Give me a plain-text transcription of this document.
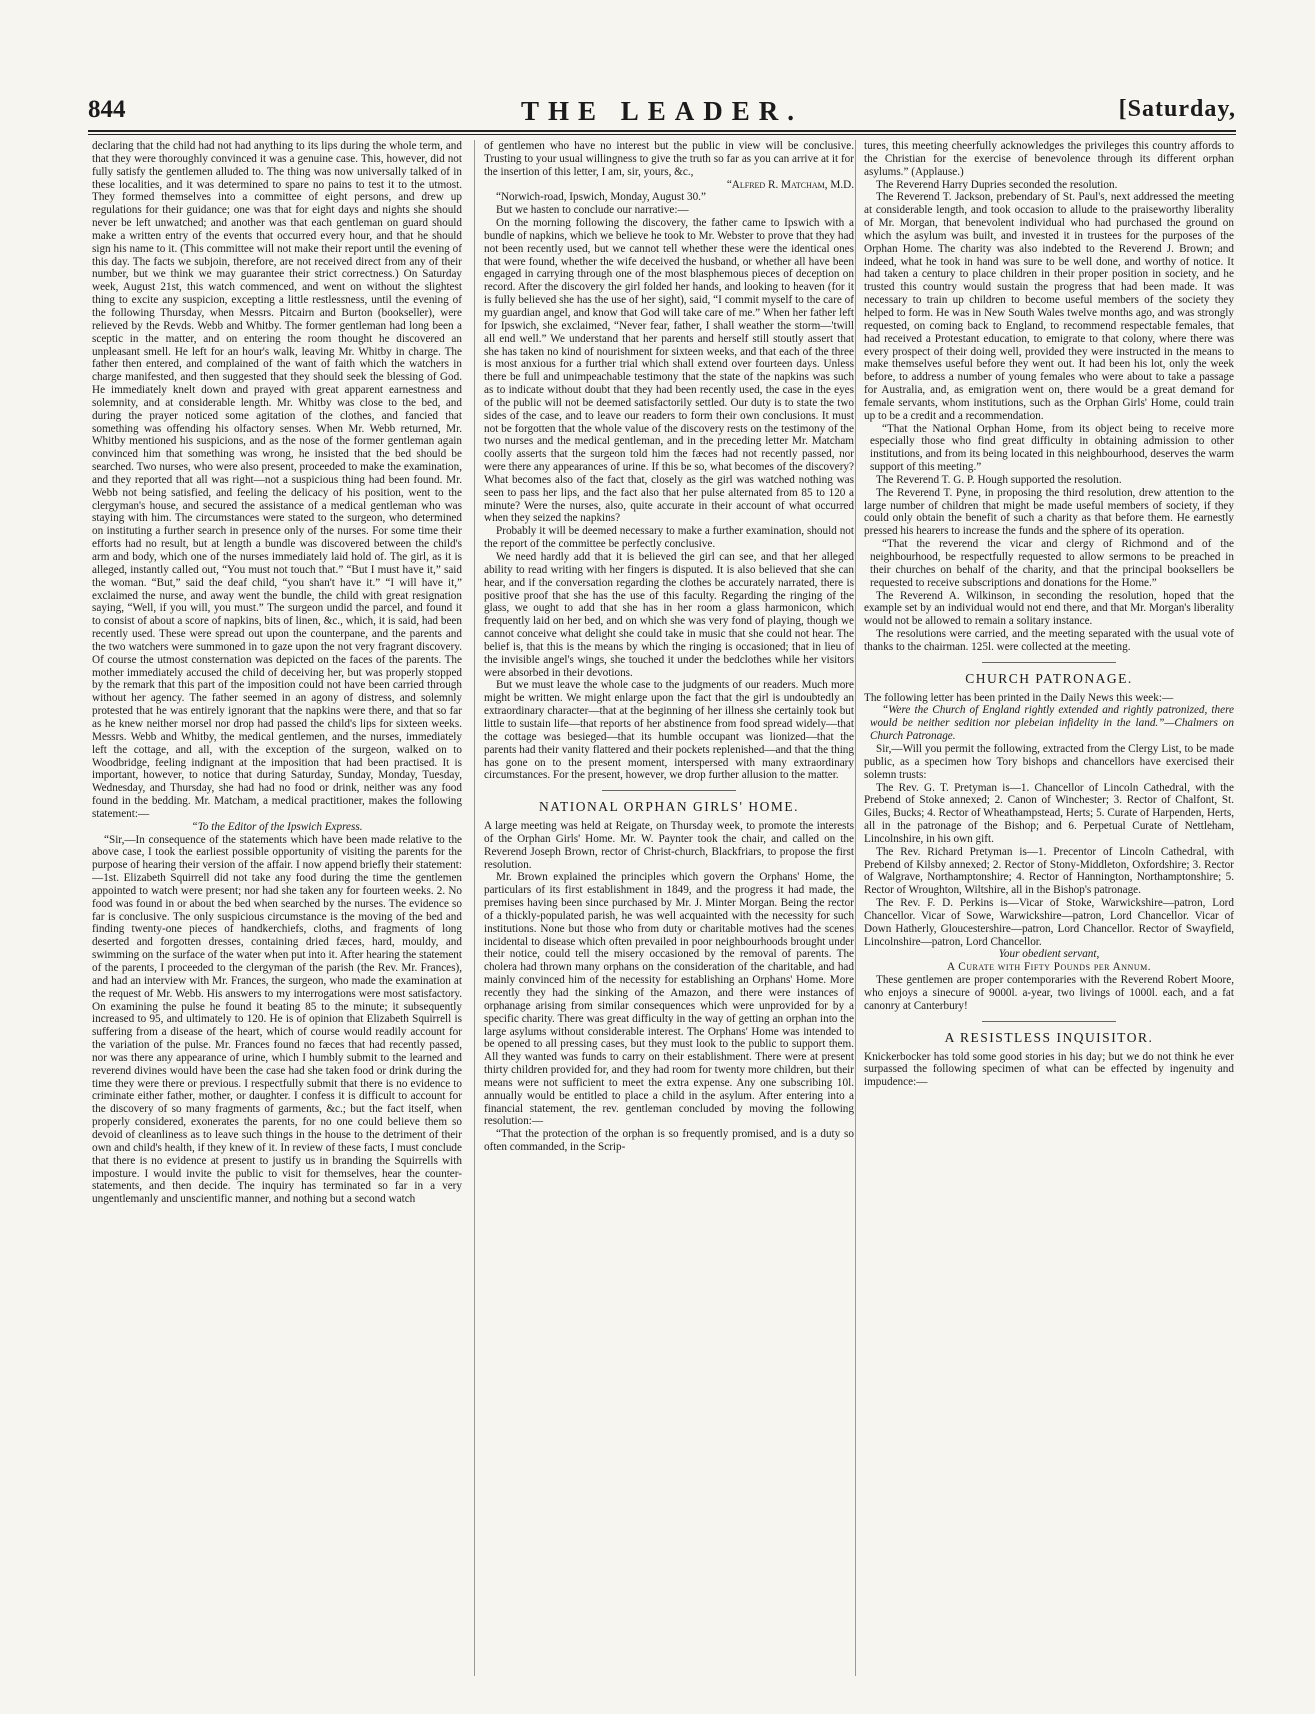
844	THE LEADER.	[Saturday,

declaring that the child had not had anything to its lips during the whole term, and that they were thoroughly convinced it was a genuine case. This, however, did not fully satisfy the gentlemen alluded to. The thing was now universally talked of in these localities, and it was determined to spare no pains to test it to the utmost. They formed themselves into a committee of eight persons, and drew up regulations for their guidance; one was that for eight days and nights she should never be left unwatched; and another was that each gentleman on guard should make a written entry of the events that occurred every hour, and that he should sign his name to it. (This committee will not make their report until the evening of this day. The facts we subjoin, therefore, are not received direct from any of their number, but we think we may guarantee their strict correctness.) On Saturday week, August 21st, this watch commenced, and went on without the slightest thing to excite any suspicion, excepting a little restlessness, until the evening of the following Thursday, when Messrs. Pitcairn and Burton (bookseller), were relieved by the Revds. Webb and Whitby. The former gentleman had long been a sceptic in the matter, and on entering the room thought he discovered an unpleasant smell. He left for an hour's walk, leaving Mr. Whitby in charge. The father then entered, and complained of the want of faith which the watchers in charge manifested, and then suggested that they should seek the blessing of God. He immediately knelt down and prayed with great apparent earnestness and solemnity, and at considerable length. Mr. Whitby was close to the bed, and during the prayer noticed some agitation of the clothes, and fancied that something was offending his olfactory senses. When Mr. Webb returned, Mr. Whitby mentioned his suspicions, and as the nose of the former gentleman again convinced him that something was wrong, he insisted that the bed should be searched. Two nurses, who were also present, proceeded to make the examination, and they reported that all was right—not a suspicious thing had been found. Mr. Webb not being satisfied, and feeling the delicacy of his position, went to the clergyman's house, and secured the assistance of a medical gentleman who was staying with him. The circumstances were stated to the surgeon, who determined on instituting a further search in presence only of the nurses. For some time their efforts had no result, but at length a bundle was discovered between the child's arm and body, which one of the nurses immediately laid hold of. The girl, as it is alleged, instantly called out, “You must not touch that.” “But I must have it,” said the woman. “But,” said the deaf child, “you shan't have it.” “I will have it,” exclaimed the nurse, and away went the bundle, the child with great resignation saying, “Well, if you will, you must.” The surgeon undid the parcel, and found it to consist of about a score of napkins, bits of linen, &c., which, it is said, had been recently used. These were spread out upon the counterpane, and the parents and the two watchers were summoned in to gaze upon the not very fragrant discovery. Of course the utmost consternation was depicted on the faces of the parents. The mother immediately accused the child of deceiving her, but was properly stopped by the remark that this part of the imposition could not have been carried through without her agency. The father seemed in an agony of distress, and solemnly protested that he was entirely ignorant that the napkins were there, and that so far as he knew neither morsel nor drop had passed the child's lips for sixteen weeks. Messrs. Webb and Whitby, the medical gentlemen, and the nurses, immediately left the cottage, and all, with the exception of the surgeon, walked on to Woodbridge, feeling indignant at the imposition that had been practised. It is important, however, to notice that during Saturday, Sunday, Monday, Tuesday, Wednesday, and Thursday, she had had no food or drink, neither was any food found in the bedding. Mr. Matcham, a medical practitioner, makes the following statement:—

“To the Editor of the Ipswich Express.

“Sir,—In consequence of the statements which have been made relative to the above case, I took the earliest possible opportunity of visiting the parents for the purpose of hearing their version of the affair. I now append briefly their statement:—1st. Elizabeth Squirrell did not take any food during the time the gentlemen appointed to watch were present; nor had she taken any for fourteen weeks. 2. No food was found in or about the bed when searched by the nurses. The evidence so far is conclusive. The only suspicious circumstance is the moving of the bed and finding twenty-one pieces of handkerchiefs, cloths, and fragments of long deserted and forgotten dresses, containing dried fæces, hard, mouldy, and swimming on the surface of the water when put into it. After hearing the statement of the parents, I proceeded to the clergyman of the parish (the Rev. Mr. Frances), and had an interview with Mr. Frances, the surgeon, who made the examination at the request of Mr. Webb. His answers to my interrogations were most satisfactory. On examining the pulse he found it beating 85 to the minute; it subsequently increased to 95, and ultimately to 120. He is of opinion that Elizabeth Squirrell is suffering from a disease of the heart, which of course would readily account for the variation of the pulse. Mr. Frances found no fæces that had recently passed, nor was there any appearance of urine, which I humbly submit to the learned and reverend divines would have been the case had she taken food or drink during the time they were there or previous. I respectfully submit that there is no evidence to criminate either father, mother, or daughter. I confess it is difficult to account for the discovery of so many fragments of garments, &c.; but the fact itself, when properly considered, exonerates the parents, for no one could believe them so devoid of cleanliness as to leave such things in the house to the detriment of their own and child's health, if they knew of it. In review of these facts, I must conclude that there is no evidence at present to justify us in branding the Squirrells with imposture. I would invite the public to visit for themselves, hear the counter-statements, and then decide. The inquiry has terminated so far in a very ungentlemanly and unscientific manner, and nothing but a second watch

of gentlemen who have no interest but the public in view will be conclusive. Trusting to your usual willingness to give the truth so far as you can arrive at it for the insertion of this letter, I am, sir, yours, &c.,

“Alfred R. Matcham, M.D.

“Norwich-road, Ipswich, Monday, August 30.”

But we hasten to conclude our narrative:—

On the morning following the discovery, the father came to Ipswich with a bundle of napkins, which we believe he took to Mr. Webster to prove that they had not been recently used, but we cannot tell whether these were the identical ones that were found, whether the wife deceived the husband, or whether all have been engaged in carrying through one of the most blasphemous pieces of deception on record. After the discovery the girl folded her hands, and looking to heaven (for it is fully believed she has the use of her sight), said, “I commit myself to the care of my guardian angel, and know that God will take care of me.” When her father left for Ipswich, she exclaimed, “Never fear, father, I shall weather the storm—'twill all end well.” We understand that her parents and herself still stoutly assert that she has taken no kind of nourishment for sixteen weeks, and that each of the three is most anxious for a further trial which shall extend over fourteen days. Unless there be full and unimpeachable testimony that the state of the napkins was such as to indicate without doubt that they had been recently used, the case in the eyes of the public will not be deemed satisfactorily settled. Our duty is to state the two sides of the case, and to leave our readers to form their own conclusions. It must not be forgotten that the whole value of the discovery rests on the testimony of the two nurses and the medical gentleman, and in the preceding letter Mr. Matcham coolly asserts that the surgeon told him the fæces had not recently passed, nor were there any appearances of urine. If this be so, what becomes of the discovery? What becomes also of the fact that, closely as the girl was watched nothing was seen to pass her lips, and the fact also that her pulse alternated from 85 to 120 a minute? Were the nurses, also, quite accurate in their account of what occurred when they seized the napkins?

Probably it will be deemed necessary to make a further examination, should not the report of the committee be perfectly conclusive.

We need hardly add that it is believed the girl can see, and that her alleged ability to read writing with her fingers is disputed. It is also believed that she can hear, and if the conversation regarding the clothes be accurately narrated, there is positive proof that she has the use of this faculty. Regarding the ringing of the glass, we ought to add that she has in her room a glass harmonicon, which frequently laid on her bed, and on which she was very fond of playing, though we cannot conceive what delight she could take in music that she could not hear. The belief is, that this is the means by which the ringing is occasioned; that in lieu of the invisible angel's wings, she touched it under the bedclothes while her visitors were absorbed in their devotions.

But we must leave the whole case to the judgments of our readers. Much more might be written. We might enlarge upon the fact that the girl is undoubtedly an extraordinary character—that at the beginning of her illness she certainly took but little to sustain life—that reports of her abstinence from food spread widely—that the cottage was besieged—that its humble occupant was lionized—that the parents had their vanity flattered and their pockets replenished—and that the thing has gone on to the present moment, interspersed with many extraordinary circumstances. For the present, however, we drop further allusion to the matter.

NATIONAL ORPHAN GIRLS' HOME.

A large meeting was held at Reigate, on Thursday week, to promote the interests of the Orphan Girls' Home. Mr. W. Paynter took the chair, and called on the Reverend Joseph Brown, rector of Christ-church, Blackfriars, to propose the first resolution.

Mr. Brown explained the principles which govern the Orphans' Home, the particulars of its first establishment in 1849, and the progress it had made, the premises having been since purchased by Mr. J. Minter Morgan. Being the rector of a thickly-populated parish, he was well acquainted with the necessity for such institutions. None but those who from duty or charitable motives had the scenes incidental to disease which often prevailed in poor neighbourhoods brought under their notice, could tell the misery occasioned by the removal of parents. The cholera had thrown many orphans on the consideration of the charitable, and had mainly convinced him of the necessity for establishing an Orphans' Home. More recently they had the sinking of the Amazon, and there were instances of orphanage arising from similar consequences which were unprovided for by a specific charity. There was great difficulty in the way of getting an orphan into the large asylums without considerable interest. The Orphans' Home was intended to be opened to all pressing cases, but they must look to the public to support them. All they wanted was funds to carry on their establishment. There were at present thirty children provided for, and they had room for twenty more children, but their means were not sufficient to meet the extra expense. Any one subscribing 10l. annually would be entitled to place a child in the asylum. After entering into a financial statement, the rev. gentleman concluded by moving the following resolution:—

“That the protection of the orphan is so frequently promised, and is a duty so often commanded, in the Scrip-

tures, this meeting cheerfully acknowledges the privileges this country affords to the Christian for the exercise of benevolence through its different orphan asylums.” (Applause.)

The Reverend Harry Dupries seconded the resolution.

The Reverend T. Jackson, prebendary of St. Paul's, next addressed the meeting at considerable length, and took occasion to allude to the praiseworthy liberality of Mr. Morgan, that benevolent individual who had purchased the ground on which the asylum was built, and invested it in trustees for the purposes of the Orphan Home. The charity was also indebted to the Reverend J. Brown; and indeed, what he took in hand was sure to be well done, and worthy of notice. It had taken a century to place children in their proper position in society, and he trusted this country would sustain the progress that had been made. It was necessary to train up children to become useful members of the society they helped to form. He was in New South Wales twelve months ago, and was strongly requested, on coming back to England, to recommend respectable females, that had received a Protestant education, to emigrate to that colony, where there was every prospect of their doing well, provided they were instructed in the means to make themselves useful before they went out. It had been his lot, only the week before, to address a number of young females who were about to take a passage for Australia, and, as emigration went on, there would be a great demand for female servants, whom institutions, such as the Orphan Girls' Home, could train up to be a credit and a recommendation.

“That the National Orphan Home, from its object being to receive more especially those who find great difficulty in obtaining admission to other institutions, and from its being located in this neighbourhood, deserves the warm support of this meeting.”

The Reverend T. G. P. Hough supported the resolution.

The Reverend T. Pyne, in proposing the third resolution, drew attention to the large number of children that might be made useful members of society, if they could only obtain the benefit of such a charity as that before them. He earnestly pressed his hearers to increase the funds and the sphere of its operation.

“That the reverend the vicar and clergy of Richmond and of the neighbourhood, be respectfully requested to allow sermons to be preached in their churches on behalf of the charity, and that the principal booksellers be requested to receive subscriptions and donations for the Home.”

The Reverend A. Wilkinson, in seconding the resolution, hoped that the example set by an individual would not end there, and that Mr. Morgan's liberality would not be allowed to remain a solitary instance.

The resolutions were carried, and the meeting separated with the usual vote of thanks to the chairman. 125l. were collected at the meeting.

CHURCH PATRONAGE.

The following letter has been printed in the Daily News this week:—

“Were the Church of England rightly extended and rightly patronized, there would be neither sedition nor plebeian infidelity in the land.”—Chalmers on Church Patronage.

Sir,—Will you permit the following, extracted from the Clergy List, to be made public, as a specimen how Tory bishops and chancellors have exercised their solemn trusts:

The Rev. G. T. Pretyman is—1. Chancellor of Lincoln Cathedral, with the Prebend of Stoke annexed; 2. Canon of Winchester; 3. Rector of Chalfont, St. Giles, Bucks; 4. Rector of Wheathampstead, Herts; 5. Curate of Harpenden, Herts, all in the patronage of the Bishop; and 6. Perpetual Curate of Nettleham, Lincolnshire, in his own gift.

The Rev. Richard Pretyman is—1. Precentor of Lincoln Cathedral, with Prebend of Kilsby annexed; 2. Rector of Stony-Middleton, Oxfordshire; 3. Rector of Walgrave, Northamptonshire; 4. Rector of Hannington, Northamptonshire; 5. Rector of Wroughton, Wiltshire, all in the Bishop's patronage.

The Rev. F. D. Perkins is—Vicar of Stoke, Warwickshire—patron, Lord Chancellor. Vicar of Sowe, Warwickshire—patron, Lord Chancellor. Vicar of Down Hatherly, Gloucestershire—patron, Lord Chancellor. Rector of Swayfield, Lincolnshire—patron, Lord Chancellor.

Your obedient servant,

A Curate with Fifty Pounds per Annum.

These gentlemen are proper contemporaries with the Reverend Robert Moore, who enjoys a sinecure of 9000l. a-year, two livings of 1000l. each, and a fat canonry at Canterbury!

A RESISTLESS INQUISITOR.

Knickerbocker has told some good stories in his day; but we do not think he ever surpassed the following specimen of what can be effected by ingenuity and impudence:—
